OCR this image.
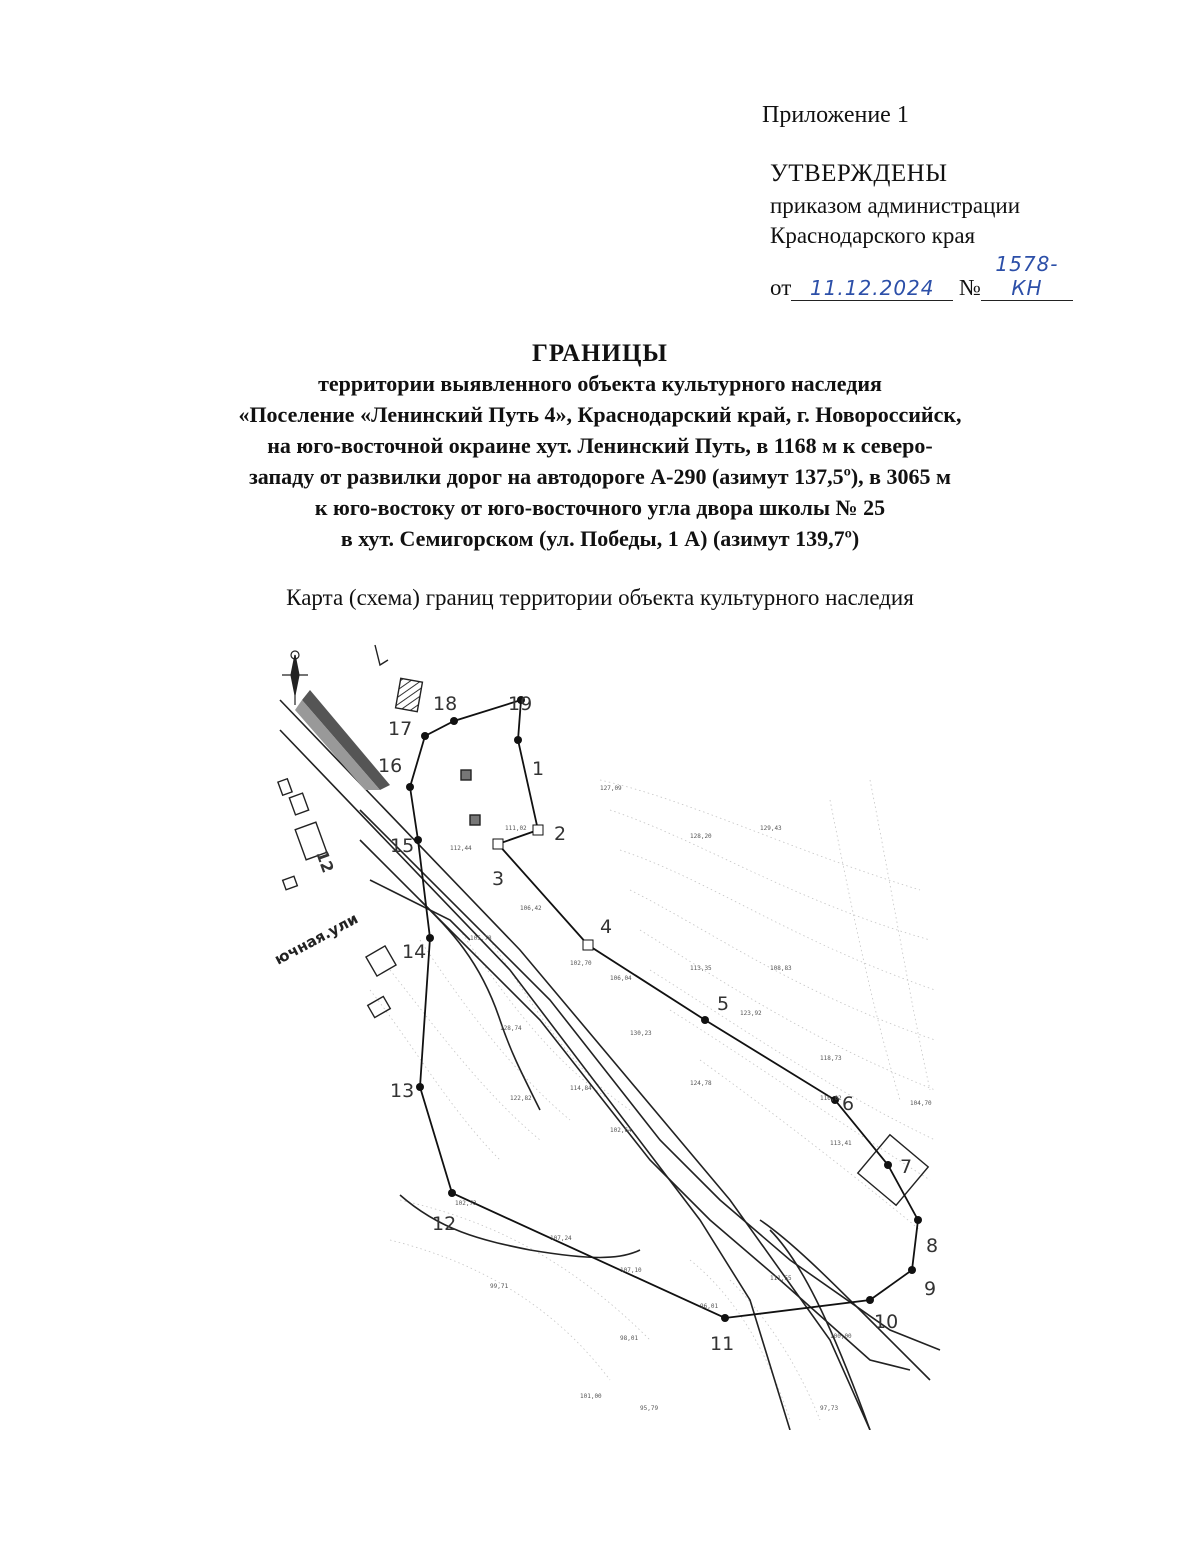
Приложение 1
УТВЕРЖДЕНЫ
приказом администрации
Краснодарского края
от 11.12.2024 №1578-КН
ГРАНИЦЫ
территории выявленного объекта культурного наследия
«Поселение «Ленинский Путь 4», Краснодарский край, г. Новороссийск,
на юго-восточной окраине хут. Ленинский Путь, в 1168 м к северо-
западу от развилки дорог на автодороге А-290 (азимут 137,5º), в 3065 м
к юго-востоку от юго-восточного угла двора школы № 25
в хут. Семигорском (ул. Победы, 1 А) (азимут 139,7º)
Карта (схема) границ территории объекта культурного наследия
ючная.ули
1
2
3
4
5
6
7
8
9
10
11
12
13
14
15
16
17
18	19
127,09
111,02
128,20
129,43
112,44
106,42
105,78
106,04
102,70
113,35	108,83
128,74
130,23
123,92
118,73
122,82
114,84
124,78
116,02
104,70
102,64
113,41
102,73
107,24
99,71
107,10
111,55
96,01
100,00
101,00
95,79	97,73
98,01
12
